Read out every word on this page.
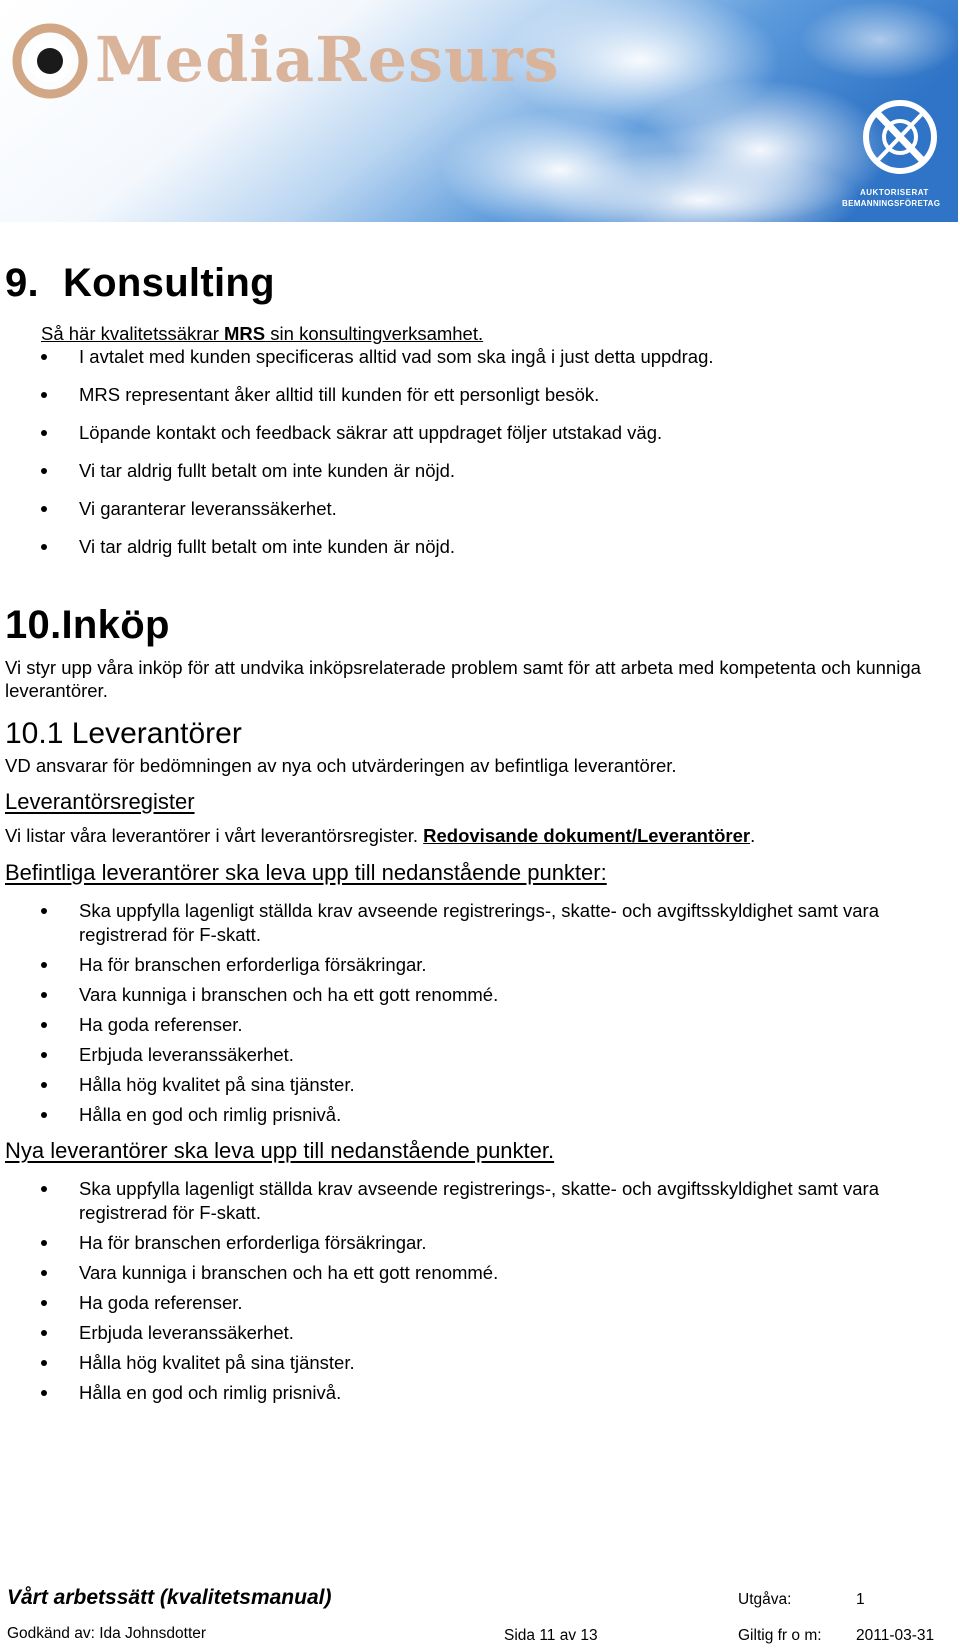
MediaResurs
AUKTORISERAT
BEMANNINGSFÖRETAG
9. Konsulting
Så här kvalitetssäkrar MRS sin konsultingverksamhet.
I avtalet med kunden specificeras alltid vad som ska ingå i just detta uppdrag.
MRS representant åker alltid till kunden för ett personligt besök.
Löpande kontakt och feedback säkrar att uppdraget följer utstakad väg.
Vi tar aldrig fullt betalt om inte kunden är nöjd.
Vi garanterar leveranssäkerhet.
Vi tar aldrig fullt betalt om inte kunden är nöjd.
10.Inköp

Vi styr upp våra inköp för att undvika inköpsrelaterade problem samt för att arbeta med kompetenta och kunniga leverantörer.

10.1 Leverantörer

VD ansvarar för bedömningen av nya och utvärderingen av befintliga leverantörer.

Leverantörsregister

Vi listar våra leverantörer i vårt leverantörsregister. Redovisande dokument/Leverantörer.

Befintliga leverantörer ska leva upp till nedanstående punkter:
Ska uppfylla lagenligt ställda krav avseende registrerings-, skatte- och avgiftsskyldighet samt vara registrerad för F-skatt.
Ha för branschen erforderliga försäkringar.
Vara kunniga i branschen och ha ett gott renommé.
Ha goda referenser.
Erbjuda leveranssäkerhet.
Hålla hög kvalitet på sina tjänster.
Hålla en god och rimlig prisnivå.
Nya leverantörer ska leva upp till nedanstående punkter.
Ska uppfylla lagenligt ställda krav avseende registrerings-, skatte- och avgiftsskyldighet samt vara registrerad för F-skatt.
Ha för branschen erforderliga försäkringar.
Vara kunniga i branschen och ha ett gott renommé.
Ha goda referenser.
Erbjuda leveranssäkerhet.
Hålla hög kvalitet på sina tjänster.
Hålla en god och rimlig prisnivå.
Vårt arbetssätt (kvalitetsmanual)
Godkänd av: Ida Johnsdotter	Sida 11 av 13
Utgåva:	1
Giltig fr o m: 2011-03-31
